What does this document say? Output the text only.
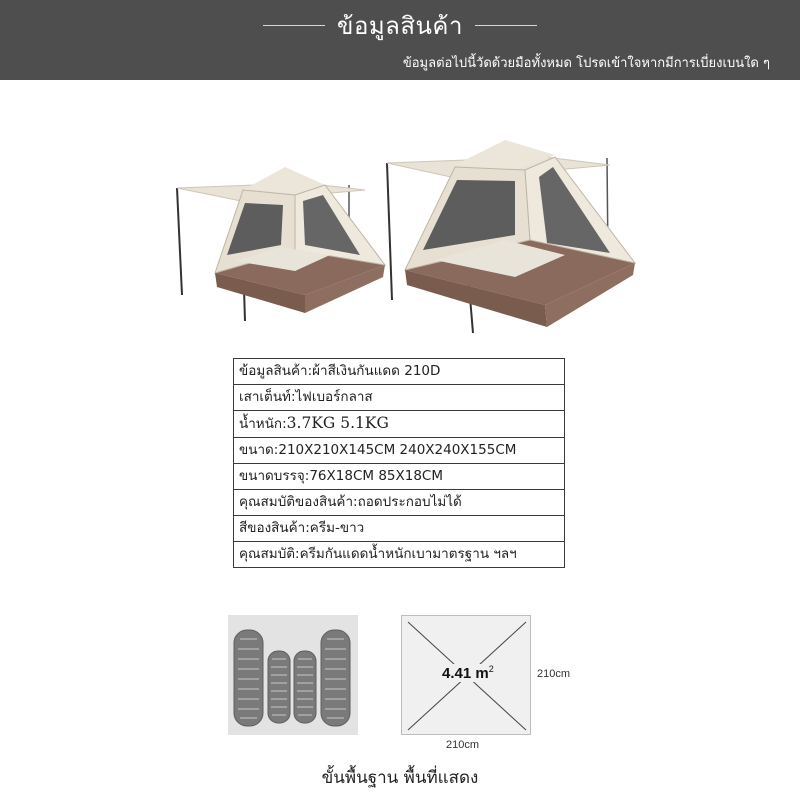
ข้อมูลสินค้า
ข้อมูลต่อไปนี้วัดด้วยมือทั้งหมด โปรดเข้าใจหากมีการเบี่ยงเบนใด ๆ
ข้อมูลสินค้า:ผ้าสีเงินกันแดด 210D
เสาเต็นท์:ไฟเบอร์กลาส
น้ำหนัก:3.7KG 5.1KG
ขนาด:210X210X145CM 240X240X155CM
ขนาดบรรจุ:76X18CM 85X18CM
คุณสมบัติของสินค้า:ถอดประกอบไม่ได้
สีของสินค้า:ครีม-ขาว
คุณสมบัติ:ครีมกันแดดน้ำหนักเบามาตรฐาน ฯลฯ
4.41 $m^2$	210cm
210cm
ขั้นพื้นฐาน พื้นที่แสดง
